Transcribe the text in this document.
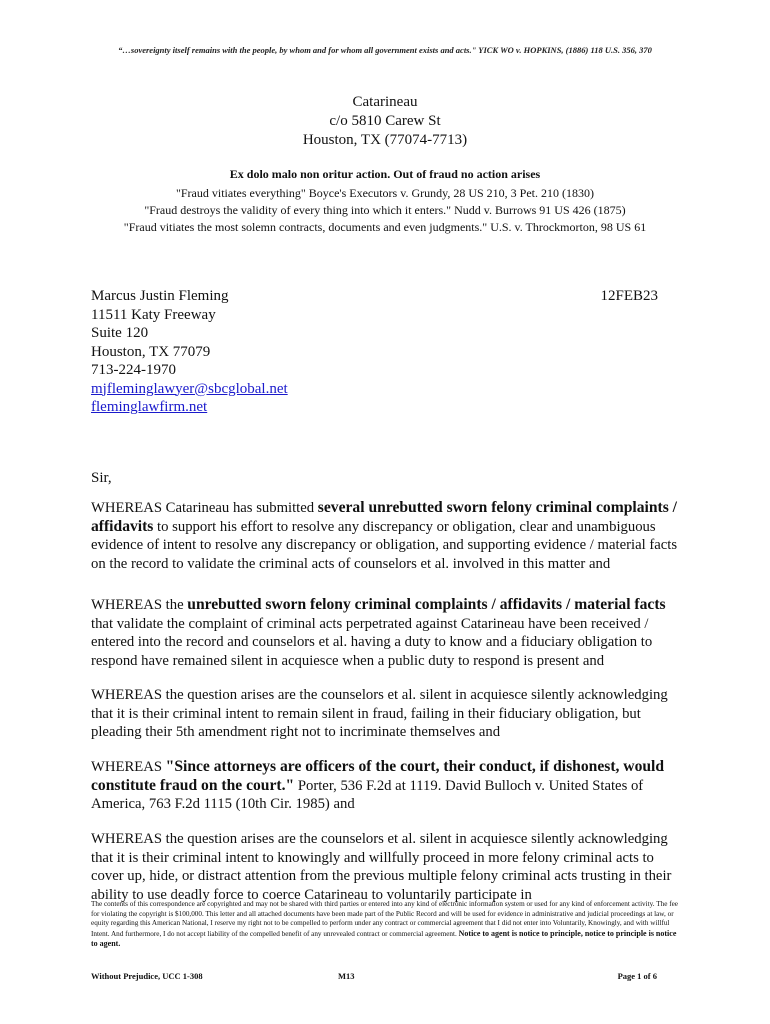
“…sovereignty itself remains with the people, by whom and for whom all government exists and acts." YICK WO v. HOPKINS, (1886) 118 U.S. 356, 370
Catarineau
c/o 5810 Carew St
Houston, TX (77074-7713)
Ex dolo malo non oritur action. Out of fraud no action arises
"Fraud vitiates everything" Boyce's Executors v. Grundy, 28 US 210, 3 Pet. 210 (1830)
"Fraud destroys the validity of every thing into which it enters." Nudd v. Burrows 91 US 426 (1875)
"Fraud vitiates the most solemn contracts, documents and even judgments." U.S. v. Throckmorton, 98 US 61
Marcus Justin Fleming	12FEB23
11511 Katy Freeway
Suite 120
Houston, TX 77079
713-224-1970
mjfleminglawyer@sbcglobal.net
fleminglawfirm.net
Sir,
WHEREAS Catarineau has submitted several unrebutted sworn felony criminal complaints / affidavits to support his effort to resolve any discrepancy or obligation, clear and unambiguous evidence of intent to resolve any discrepancy or obligation, and supporting evidence / material facts on the record to validate the criminal acts of counselors et al. involved in this matter and
WHEREAS the unrebutted sworn felony criminal complaints / affidavits / material facts that validate the complaint of criminal acts perpetrated against Catarineau have been received / entered into the record and counselors et al. having a duty to know and a fiduciary obligation to respond have remained silent in acquiesce when a public duty to respond is present and
WHEREAS the question arises are the counselors et al. silent in acquiesce silently acknowledging that it is their criminal intent to remain silent in fraud, failing in their fiduciary obligation, but pleading their 5th amendment right not to incriminate themselves and
WHEREAS "Since attorneys are officers of the court, their conduct, if dishonest, would constitute fraud on the court." Porter, 536 F.2d at 1119. David Bulloch v. United States of America, 763 F.2d 1115 (10th Cir. 1985) and
WHEREAS the question arises are the counselors et al. silent in acquiesce silently acknowledging that it is their criminal intent to knowingly and willfully proceed in more felony criminal acts to cover up, hide, or distract attention from the previous multiple felony criminal acts trusting in their ability to use deadly force to coerce Catarineau to voluntarily participate in
The contents of this correspondence are copyrighted and may not be shared with third parties or entered into any kind of electronic information system or used for any kind of enforcement activity. The fee for violating the copyright is $100,000. This letter and all attached documents have been made part of the Public Record and will be used for evidence in administrative and judicial proceedings at law, or equity regarding this American National, I reserve my right not to be compelled to perform under any contract or commercial agreement that I did not enter into Voluntarily, Knowingly, and with willful Intent. And furthermore, I do not accept liability of the compelled benefit of any unrevealed contract or commercial agreement. Notice to agent is notice to principle, notice to principle is notice to agent.
Without Prejudice, UCC 1-308	M13	Page 1 of 6
